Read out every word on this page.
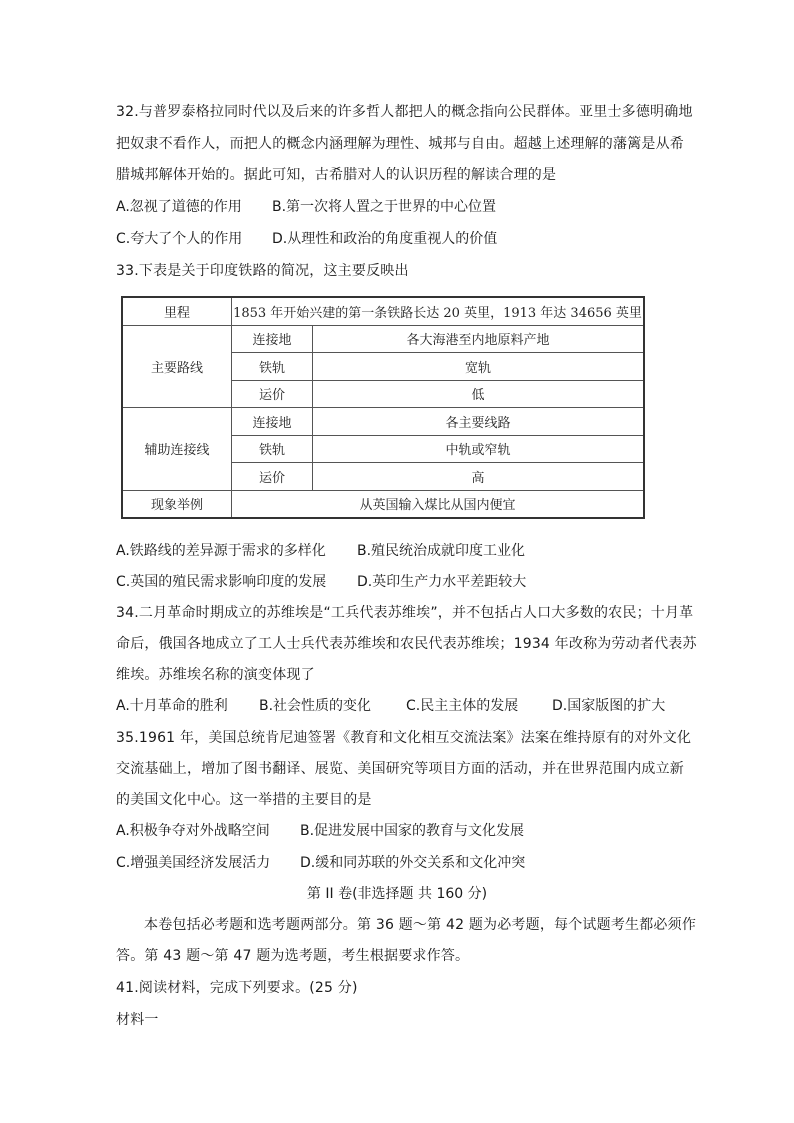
32.与普罗泰格拉同时代以及后来的许多哲人都把人的概念指向公民群体。亚里士多德明确地
把奴隶不看作人，而把人的概念内涵理解为理性、城邦与自由。超越上述理解的藩篱是从希
腊城邦解体开始的。据此可知，古希腊对人的认识历程的解读合理的是
A.忽视了道德的作用 B.第一次将人置之于世界的中心位置
C.夸大了个人的作用 D.从理性和政治的角度重视人的价值
33.下表是关于印度铁路的简况，这主要反映出
里程	1853 年开始兴建的第一条铁路长达 20 英里，1913 年达 34656 英里	
主要路线	连接地	各大海港至内地原料产地
	铁轨	宽轨
	运价	低
辅助连接线	连接地	各主要线路
	铁轨	中轨或窄轨
	运价	高
现象举例	从英国输入煤比从国内便宜	
A.铁路线的差异源于需求的多样化 B.殖民统治成就印度工业化
C.英国的殖民需求影响印度的发展 D.英印生产力水平差距较大
34.二月革命时期成立的苏维埃是“工兵代表苏维埃”，并不包括占人口大多数的农民；十月革
命后，俄国各地成立了工人士兵代表苏维埃和农民代表苏维埃；1934 年改称为劳动者代表苏
维埃。苏维埃名称的演变体现了
A.十月革命的胜利 B.社会性质的变化 C.民主主体的发展 D.国家版图的扩大
35.1961 年，美国总统肯尼迪签署《教育和文化相互交流法案》法案在维持原有的对外文化
交流基础上，增加了图书翻译、展览、美国研究等项目方面的活动，并在世界范围内成立新
的美国文化中心。这一举措的主要目的是
A.积极争夺对外战略空间 B.促进发展中国家的教育与文化发展
C.增强美国经济发展活力 D.缓和同苏联的外交关系和文化冲突
第 II 卷(非选择题 共 160 分)
本卷包括必考题和选考题两部分。第 36 题～第 42 题为必考题，每个试题考生都必须作
答。第 43 题～第 47 题为选考题，考生根据要求作答。
41.阅读材料，完成下列要求。(25 分)
材料一
